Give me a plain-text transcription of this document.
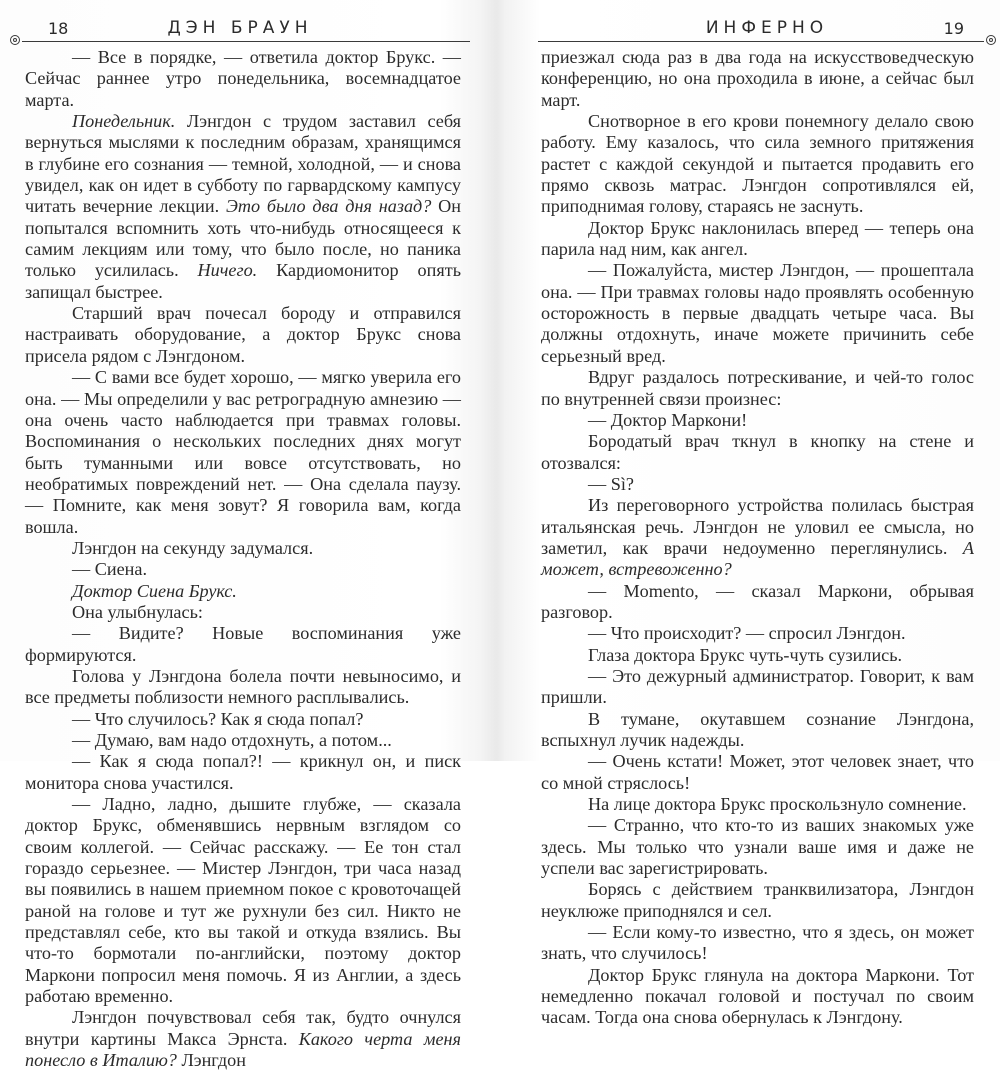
18	ДЭН БРАУН

— Все в порядке, — ответила доктор Брукс. — Сейчас раннее утро понедельника, восемнадцатое марта.

Понедельник. Лэнгдон с трудом заставил себя вернуться мыслями к последним образам, хранящимся в глубине его сознания — темной, холодной, — и снова увидел, как он идет в субботу по гарвардскому кампусу читать вечерние лекции. Это было два дня назад? Он попытался вспомнить хоть что-нибудь относящееся к самим лекциям или тому, что было после, но паника только усилилась. Ничего. Кардиомонитор опять запищал быстрее.

Старший врач почесал бороду и отправился настраивать оборудование, а доктор Брукс снова присела рядом с Лэнгдоном.

— С вами все будет хорошо, — мягко уверила его она. — Мы определили у вас ретроградную амнезию — она очень часто наблюдается при травмах головы. Воспоминания о нескольких последних днях могут быть туманными или вовсе отсутствовать, но необратимых повреждений нет. — Она сделала паузу. — Помните, как меня зовут? Я говорила вам, когда вошла.

Лэнгдон на секунду задумался.

— Сиена.

Доктор Сиена Брукс.

Она улыбнулась:

— Видите? Новые воспоминания уже формируются.

Голова у Лэнгдона болела почти невыносимо, и все предметы поблизости немного расплывались.

— Что случилось? Как я сюда попал?

— Думаю, вам надо отдохнуть, а потом...

— Как я сюда попал?! — крикнул он, и писк монитора снова участился.

— Ладно, ладно, дышите глубже, — сказала доктор Брукс, обменявшись нервным взглядом со своим коллегой. — Сейчас расскажу. — Ее тон стал гораздо серьезнее. — Мистер Лэнгдон, три часа назад вы появились в нашем приемном покое с кровоточащей раной на голове и тут же рухнули без сил. Никто не представлял себе, кто вы такой и откуда взялись. Вы что-то бормотали по-английски, поэтому доктор Маркони попросил меня помочь. Я из Англии, а здесь работаю временно.

Лэнгдон почувствовал себя так, будто очнулся внутри картины Макса Эрнста. Какого черта меня понесло в Италию? Лэнгдон

19
ИНФЕРНО

приезжал сюда раз в два года на искусствоведческую конференцию, но она проходила в июне, а сейчас был март.

Снотворное в его крови понемногу делало свою работу. Ему казалось, что сила земного притяжения растет с каждой секундой и пытается продавить его прямо сквозь матрас. Лэнгдон сопротивлялся ей, приподнимая голову, стараясь не заснуть.

Доктор Брукс наклонилась вперед — теперь она парила над ним, как ангел.

— Пожалуйста, мистер Лэнгдон, — прошептала она. — При травмах головы надо проявлять особенную осторожность в первые двадцать четыре часа. Вы должны отдохнуть, иначе можете причинить себе серьезный вред.

Вдруг раздалось потрескивание, и чей-то голос по внутренней связи произнес:

— Доктор Маркони!

Бородатый врач ткнул в кнопку на стене и отозвался:

— Sì?

Из переговорного устройства полилась быстрая итальянская речь. Лэнгдон не уловил ее смысла, но заметил, как врачи недоуменно переглянулись. А может, встревоженно?

— Momento, — сказал Маркони, обрывая разговор.

— Что происходит? — спросил Лэнгдон.

Глаза доктора Брукс чуть-чуть сузились.

— Это дежурный администратор. Говорит, к вам пришли.

В тумане, окутавшем сознание Лэнгдона, вспыхнул лучик надежды.

— Очень кстати! Может, этот человек знает, что со мной стряслось!

На лице доктора Брукс проскользнуло сомнение.

— Странно, что кто-то из ваших знакомых уже здесь. Мы только что узнали ваше имя и даже не успели вас зарегистрировать.

Борясь с действием транквилизатора, Лэнгдон неуклюже приподнялся и сел.

— Если кому-то известно, что я здесь, он может знать, что случилось!

Доктор Брукс глянула на доктора Маркони. Тот немедленно покачал головой и постучал по своим часам. Тогда она снова обернулась к Лэнгдону.
